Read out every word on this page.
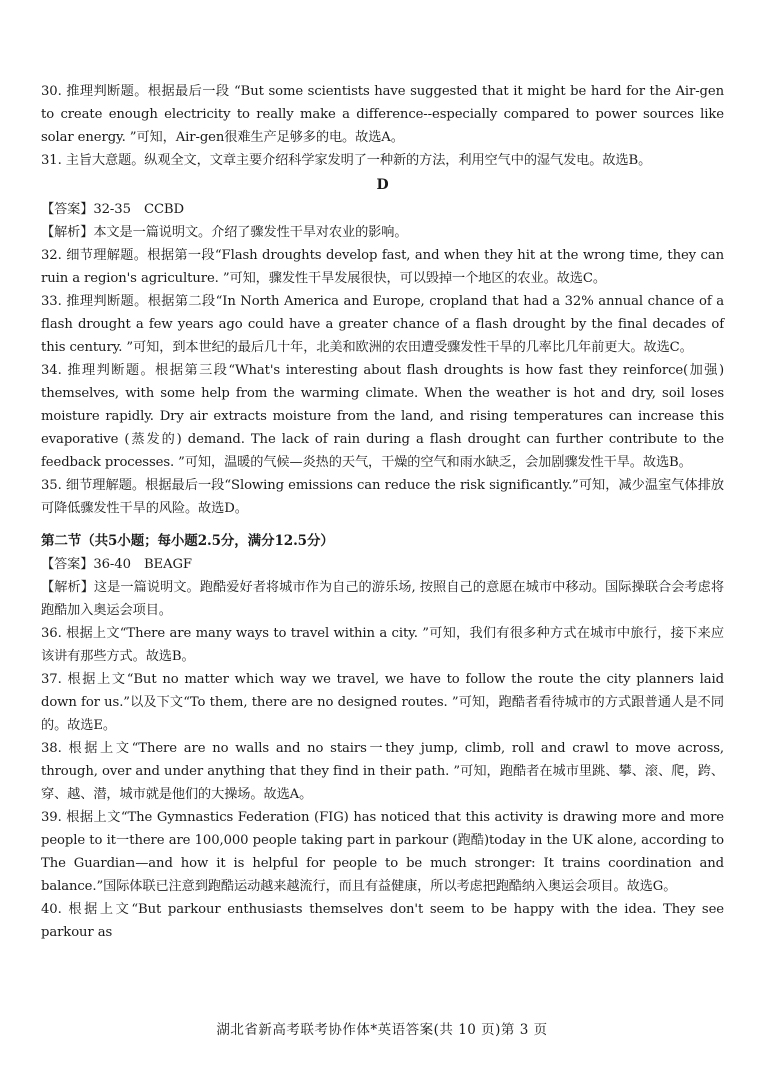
30. 推理判断题。根据最后一段 “But some scientists have suggested that it might be hard for the Air-gen to create enough electricity to really make a difference--especially compared to power sources like solar energy. ”可知，Air-gen很难生产足够多的电。故选A。

31. 主旨大意题。纵观全文，文章主要介绍科学家发明了一种新的方法，利用空气中的湿气发电。故选B。

D

【答案】32-35　CCBD

【解析】本文是一篇说明文。介绍了骤发性干旱对农业的影响。

32. 细节理解题。根据第一段“Flash droughts develop fast, and when they hit at the wrong time, they can ruin a region's agriculture. ”可知，骤发性干旱发展很快，可以毁掉一个地区的农业。故选C。

33. 推理判断题。根据第二段“In North America and Europe, cropland that had a 32% annual chance of a flash drought a few years ago could have a greater chance of a flash drought by the final decades of this century. ”可知，到本世纪的最后几十年，北美和欧洲的农田遭受骤发性干旱的几率比几年前更大。故选C。

34. 推理判断题。根据第三段“What's interesting about flash droughts is how fast they reinforce(加强) themselves, with some help from the warming climate. When the weather is hot and dry, soil loses moisture rapidly. Dry air extracts moisture from the land, and rising temperatures can increase this evaporative (蒸发的) demand. The lack of rain during a flash drought can further contribute to the feedback processes. ”可知，温暖的气候—炎热的天气，干燥的空气和雨水缺乏，会加剧骤发性干旱。故选B。

35. 细节理解题。根据最后一段“Slowing emissions can reduce the risk significantly.”可知，减少温室气体排放可降低骤发性干旱的风险。故选D。

第二节（共5小题；每小题2.5分，满分12.5分）

【答案】36-40　BEAGF

【解析】这是一篇说明文。跑酷爱好者将城市作为自己的游乐场, 按照自己的意愿在城市中移动。国际操联合会考虑将跑酷加入奥运会项目。

36. 根据上文“There are many ways to travel within a city. ”可知，我们有很多种方式在城市中旅行，接下来应该讲有那些方式。故选B。

37. 根据上文“But no matter which way we travel, we have to follow the route the city planners laid down for us.”以及下文“To them, there are no designed routes. ”可知，跑酷者看待城市的方式跟普通人是不同的。故选E。

38. 根据上文“There are no walls and no stairs一they jump, climb, roll and crawl to move across, through, over and under anything that they find in their path. ”可知，跑酷者在城市里跳、攀、滚、爬，跨、穿、越、潜，城市就是他们的大操场。故选A。

39. 根据上文“The Gymnastics Federation (FIG) has noticed that this activity is drawing more and more people to it一there are 100,000 people taking part in parkour (跑酷)today in the UK alone, according to The Guardian—and how it is helpful for people to be much stronger: It trains coordination and balance.”国际体联已注意到跑酷运动越来越流行，而且有益健康，所以考虑把跑酷纳入奥运会项目。故选G。

40. 根据上文“But parkour enthusiasts themselves don't seem to be happy with the idea. They see parkour as

湖北省新高考联考协作体*英语答案(共 10 页)第 3 页
